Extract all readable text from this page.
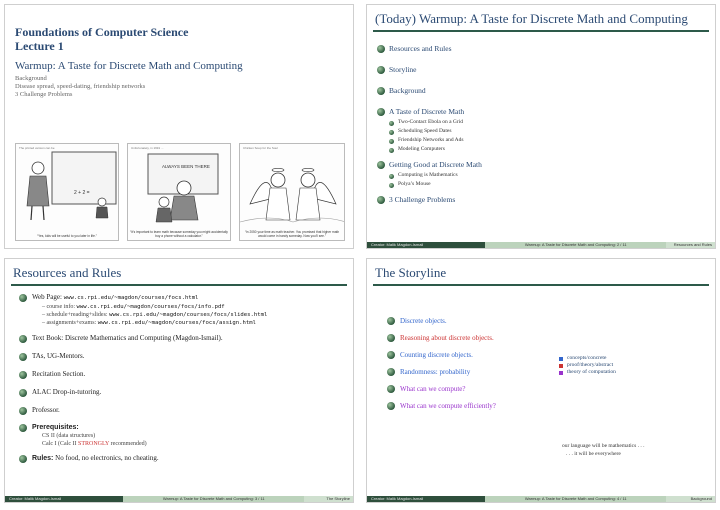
Foundations of Computer Science
Lecture 1
Warmup: A Taste for Discrete Math and Computing
Background
Disease spread, speed-dating, friendship networks
3 Challenge Problems
The printed version can be
2 + 2 =
“Yes, kids will be useful to you later in life.”
Unfortunately, in 1991 ...
ALWAYS BEEN THERE
“It’s important to learn math because someday you might accidentally buy a phone without a calculator.”
Chicken Soup for the Soul
“In 2050 your time as math teacher. You promised that higher math would come in handy someday. Now you’ll see.”
(Today) Warmup: A Taste for Discrete Math and Computing
Resources and Rules
Storyline
Background
A Taste of Discrete Math
Two-Contact Ebola on a Grid
Scheduling Speed Dates
Friendship Networks and Ads
Modeling Computers
Getting Good at Discrete Math
Computing is Mathematics
Polya’s Mouse
3 Challenge Problems
Creator: Malik Magdon-Ismail	Warmup: A Taste for Discrete Math and Computing: 2 / 11	Resources and Rules
Resources and Rules
Web Page: www.cs.rpi.edu/~magdon/courses/focs.html
– course info: www.cs.rpi.edu/~magdon/courses/focs/info.pdf
– schedule+reading+slides: www.cs.rpi.edu/~magdon/courses/focs/slides.html
– assignments+exams: www.cs.rpi.edu/~magdon/courses/focs/assign.html
Text Book: Discrete Mathematics and Computing (Magdon-Ismail).
TAs, UG-Mentors.
Recitation Section.
ALAC Drop-in-tutoring.
Professor.
Prerequisites:
CS II (data structures)
Calc I (Calc II STRONGLY recommended)
Rules: No food, no electronics, no cheating.
Creator: Malik Magdon-Ismail	Warmup: A Taste for Discrete Math and Computing: 3 / 11	The Storyline
The Storyline
Discrete objects.
Reasoning about discrete objects.
Counting discrete objects.
Randomness: probability
What can we compute?
What can we compute efficiently?
concepts/concrete
proof/theory/abstract
theory of computation
our language will be mathematics . . .
. . . it will be everywhere
Creator: Malik Magdon-Ismail	Warmup: A Taste for Discrete Math and Computing: 4 / 11	Background
